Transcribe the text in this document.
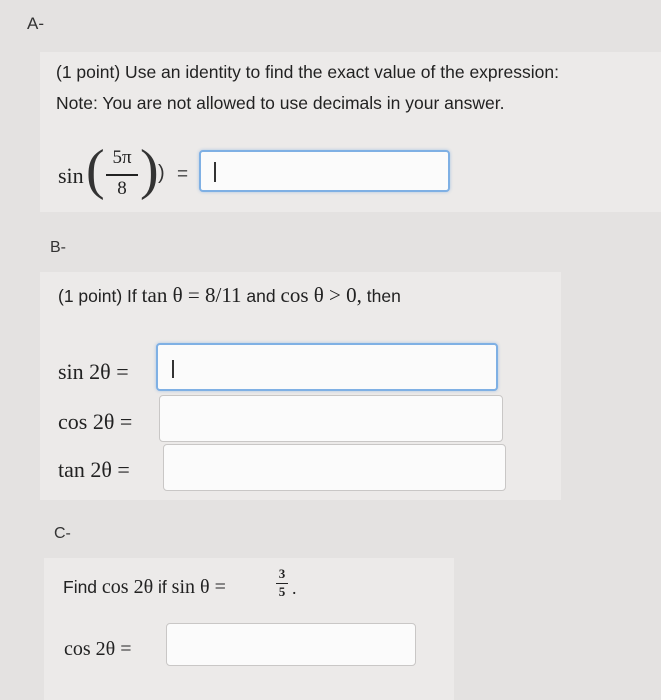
A-
(1 point) Use an identity to find the exact value of the expression:
Note: You are not allowed to use decimals in your answer.
sin ( 5π
8 ) ) =
B-
(1 point) If tan θ = 8/11 and cos θ > 0, then
sin 2θ =
cos 2θ =
tan 2θ =
C-
Find cos 2θ if sin θ =
3
5 .
cos 2θ =
